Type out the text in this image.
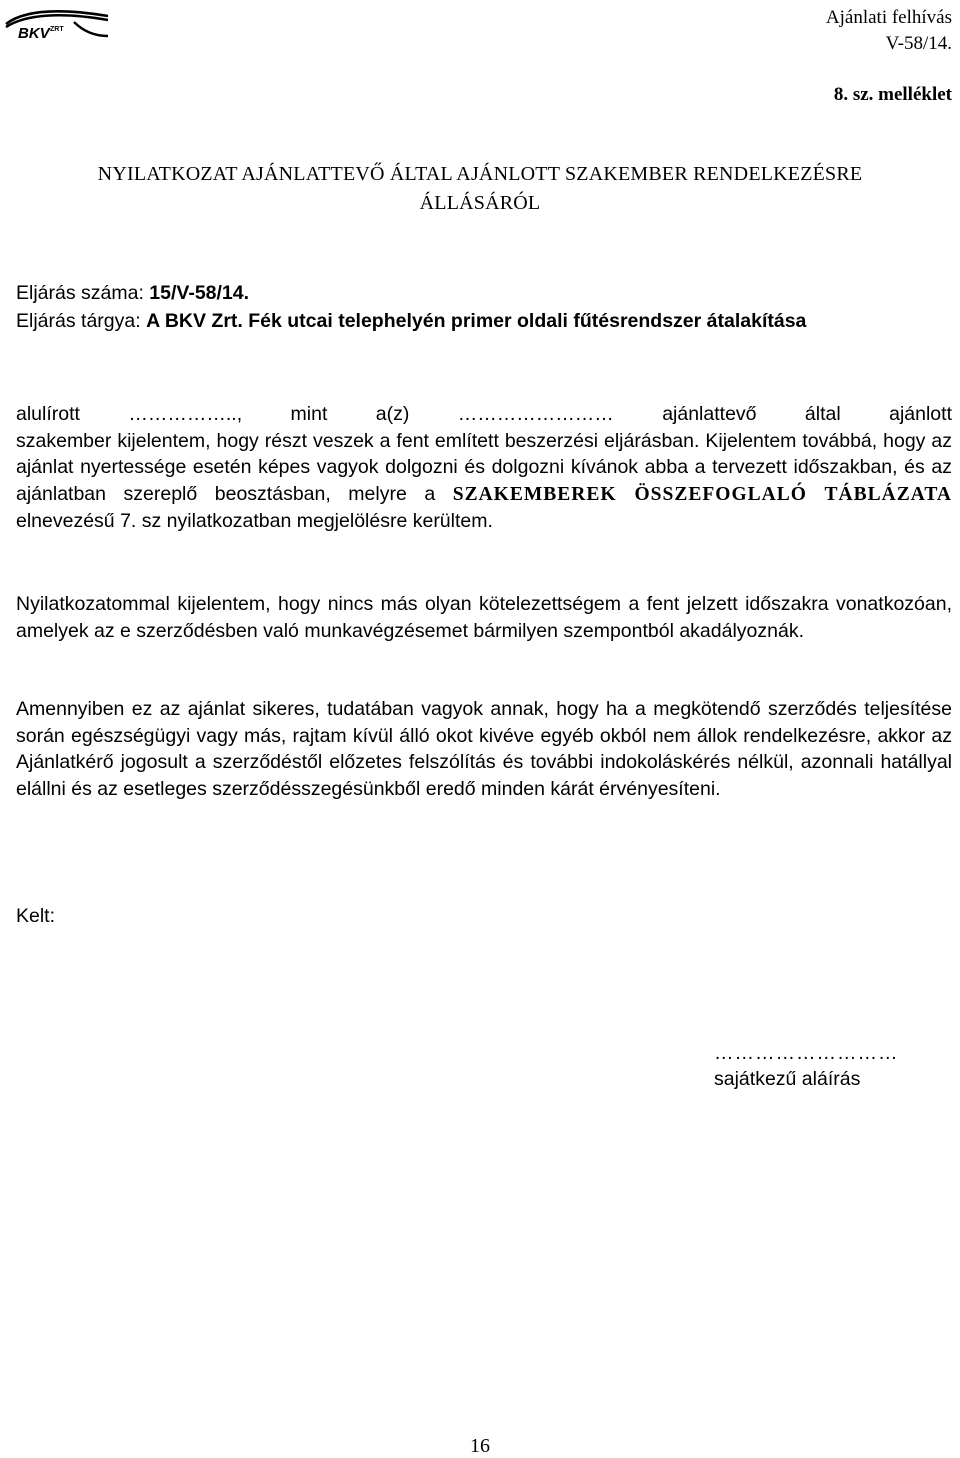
BKV ZRT
Ajánlati felhívás
V-58/14.
8. sz. melléklet
NYILATKOZAT AJÁNLATTEVŐ ÁLTAL AJÁNLOTT SZAKEMBER RENDELKEZÉSRE
ÁLLÁSÁRÓL
Eljárás száma: 15/V-58/14.
Eljárás tárgya: A BKV Zrt. Fék utcai telephelyén primer oldali fűtésrendszer átalakítása
alulírott …………….., mint a(z) …………………… ajánlattevő által ajánlott
szakember kijelentem, hogy részt veszek a fent említett beszerzési eljárásban. Kijelentem továbbá, hogy az ajánlat nyertessége esetén képes vagyok dolgozni és dolgozni kívánok abba a tervezett időszakban, és az ajánlatban szereplő beosztásban, melyre a SZAKEMBEREK ÖSSZEFOGLALÓ TÁBLÁZATA elnevezésű 7. sz nyilatkozatban megjelölésre kerültem.
Nyilatkozatommal kijelentem, hogy nincs más olyan kötelezettségem a fent jelzett időszakra vonatkozóan, amelyek az e szerződésben való munkavégzésemet bármilyen szempontból akadályoznák.
Amennyiben ez az ajánlat sikeres, tudatában vagyok annak, hogy ha a megkötendő szerződés teljesítése során egészségügyi vagy más, rajtam kívül álló okot kivéve egyéb okból nem állok rendelkezésre, akkor az Ajánlatkérő jogosult a szerződéstől előzetes felszólítás és további indokoláskérés nélkül, azonnali hatállyal elállni és az esetleges szerződésszegésünkből eredő minden kárát érvényesíteni.
Kelt:
………………………
sajátkezű aláírás
16
